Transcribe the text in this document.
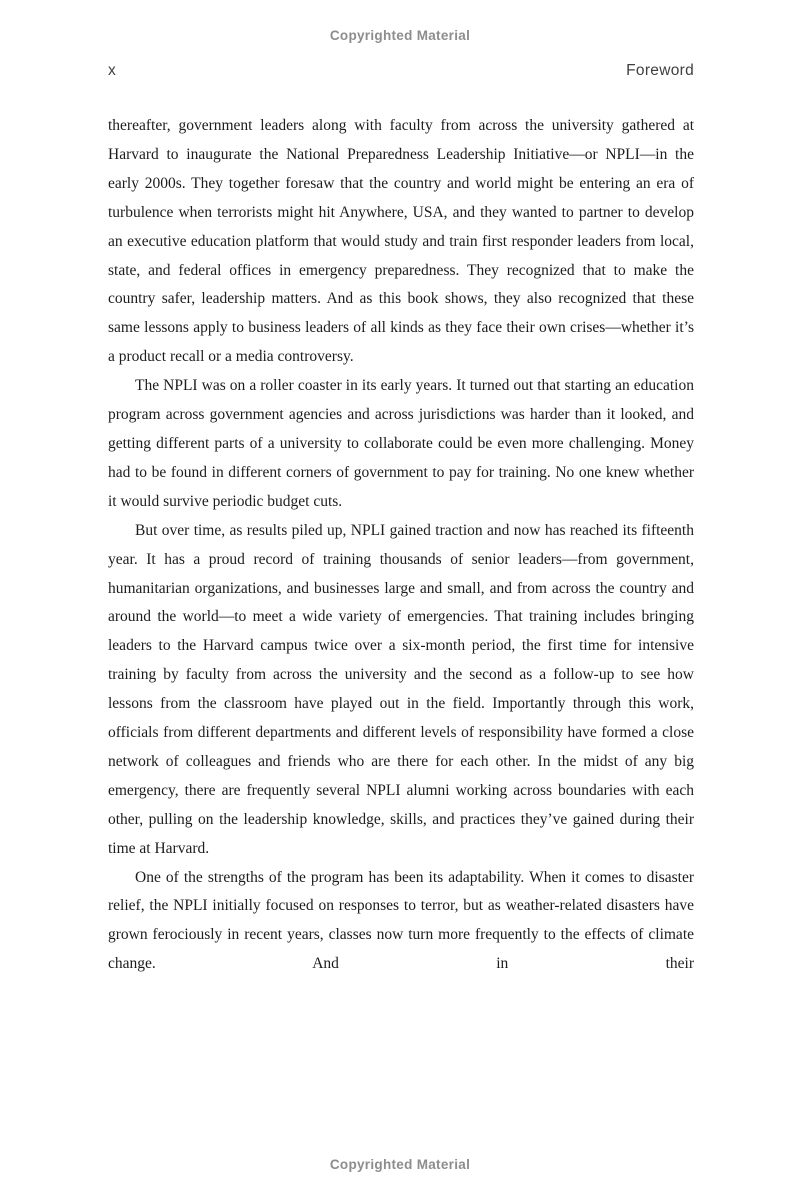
Copyrighted Material
x	Foreword

thereafter, government leaders along with faculty from across the university gathered at Harvard to inaugurate the National Preparedness Leadership Initiative—or NPLI—in the early 2000s. They together foresaw that the country and world might be entering an era of turbulence when terrorists might hit Anywhere, USA, and they wanted to partner to develop an executive education platform that would study and train first responder leaders from local, state, and federal offices in emergency preparedness. They recognized that to make the country safer, leadership matters. And as this book shows, they also recognized that these same lessons apply to business leaders of all kinds as they face their own crises—whether it’s a product recall or a media controversy.

The NPLI was on a roller coaster in its early years. It turned out that starting an education program across government agencies and across jurisdictions was harder than it looked, and getting different parts of a university to collaborate could be even more challenging. Money had to be found in different corners of government to pay for training. No one knew whether it would survive periodic budget cuts.

But over time, as results piled up, NPLI gained traction and now has reached its fifteenth year. It has a proud record of training thousands of senior leaders—from government, humanitarian organizations, and businesses large and small, and from across the country and around the world—to meet a wide variety of emergencies. That training includes bringing leaders to the Harvard campus twice over a six-month period, the first time for intensive training by faculty from across the university and the second as a follow-up to see how lessons from the classroom have played out in the field. Importantly through this work, officials from different departments and different levels of responsibility have formed a close network of colleagues and friends who are there for each other. In the midst of any big emergency, there are frequently several NPLI alumni working across boundaries with each other, pulling on the leadership knowledge, skills, and practices they’ve gained during their time at Harvard.

One of the strengths of the program has been its adaptability. When it comes to disaster relief, the NPLI initially focused on responses to terror, but as weather-related disasters have grown ferociously in recent years, classes now turn more frequently to the effects of climate change. And in their

Copyrighted Material
